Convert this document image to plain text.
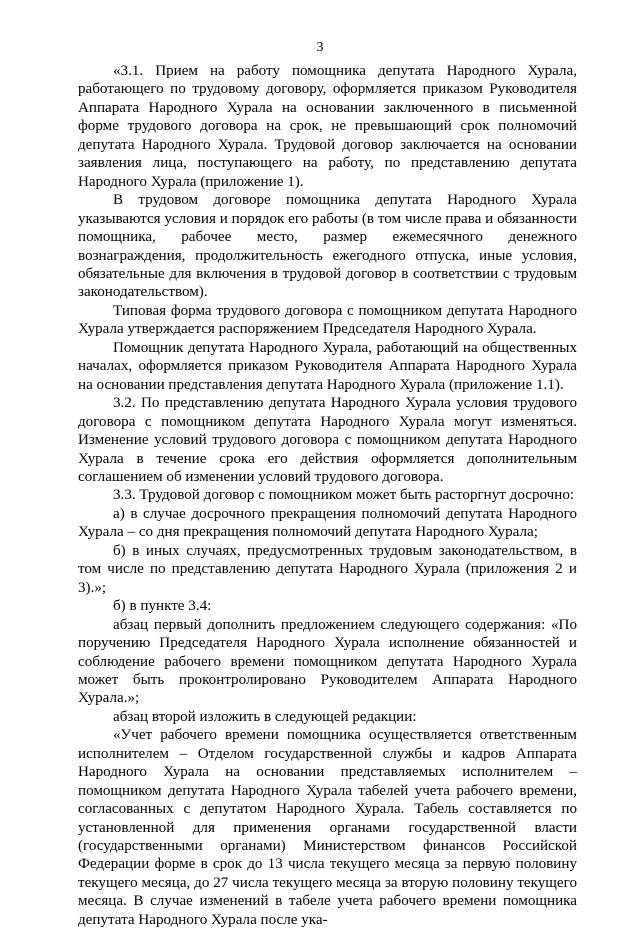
3

«3.1. Прием на работу помощника депутата Народного Хурала, работающего по трудовому договору, оформляется приказом Руководителя Аппарата Народного Хурала на основании заключенного в письменной форме трудового договора на срок, не превышающий срок полномочий депутата Народного Хурала. Трудовой договор заключается на основании заявления лица, поступающего на работу, по представлению депутата Народного Хурала (приложение 1).

В трудовом договоре помощника депутата Народного Хурала указываются условия и порядок его работы (в том числе права и обязанности помощника, рабочее место, размер ежемесячного денежного вознаграждения, продолжительность ежегодного отпуска, иные условия, обязательные для включения в трудовой договор в соответствии с трудовым законодательством).

Типовая форма трудового договора с помощником депутата Народного Хурала утверждается распоряжением Председателя Народного Хурала.

Помощник депутата Народного Хурала, работающий на общественных началах, оформляется приказом Руководителя Аппарата Народного Хурала на основании представления депутата Народного Хурала (приложение 1.1).

3.2. По представлению депутата Народного Хурала условия трудового договора с помощником депутата Народного Хурала могут изменяться. Изменение условий трудового договора с помощником депутата Народного Хурала в течение срока его действия оформляется дополнительным соглашением об изменении условий трудового договора.

3.3. Трудовой договор с помощником может быть расторгнут досрочно:

а) в случае досрочного прекращения полномочий депутата Народного Хурала – со дня прекращения полномочий депутата Народного Хурала;

б) в иных случаях, предусмотренных трудовым законодательством, в том числе по представлению депутата Народного Хурала (приложения 2 и 3).»;

б) в пункте 3.4:

абзац первый дополнить предложением следующего содержания: «По поручению Председателя Народного Хурала исполнение обязанностей и соблюдение рабочего времени помощником депутата Народного Хурала может быть проконтролировано Руководителем Аппарата Народного Хурала.»;

абзац второй изложить в следующей редакции:

«Учет рабочего времени помощника осуществляется ответственным исполнителем – Отделом государственной службы и кадров Аппарата Народного Хурала на основании представляемых исполнителем – помощником депутата Народного Хурала табелей учета рабочего времени, согласованных с депутатом Народного Хурала. Табель составляется по установленной для применения органами государственной власти (государственными органами) Министерством финансов Российской Федерации форме в срок до 13 числа текущего месяца за первую половину текущего месяца, до 27 числа текущего месяца за вторую половину текущего месяца. В случае изменений в табеле учета рабочего времени помощника депутата Народного Хурала после ука-
